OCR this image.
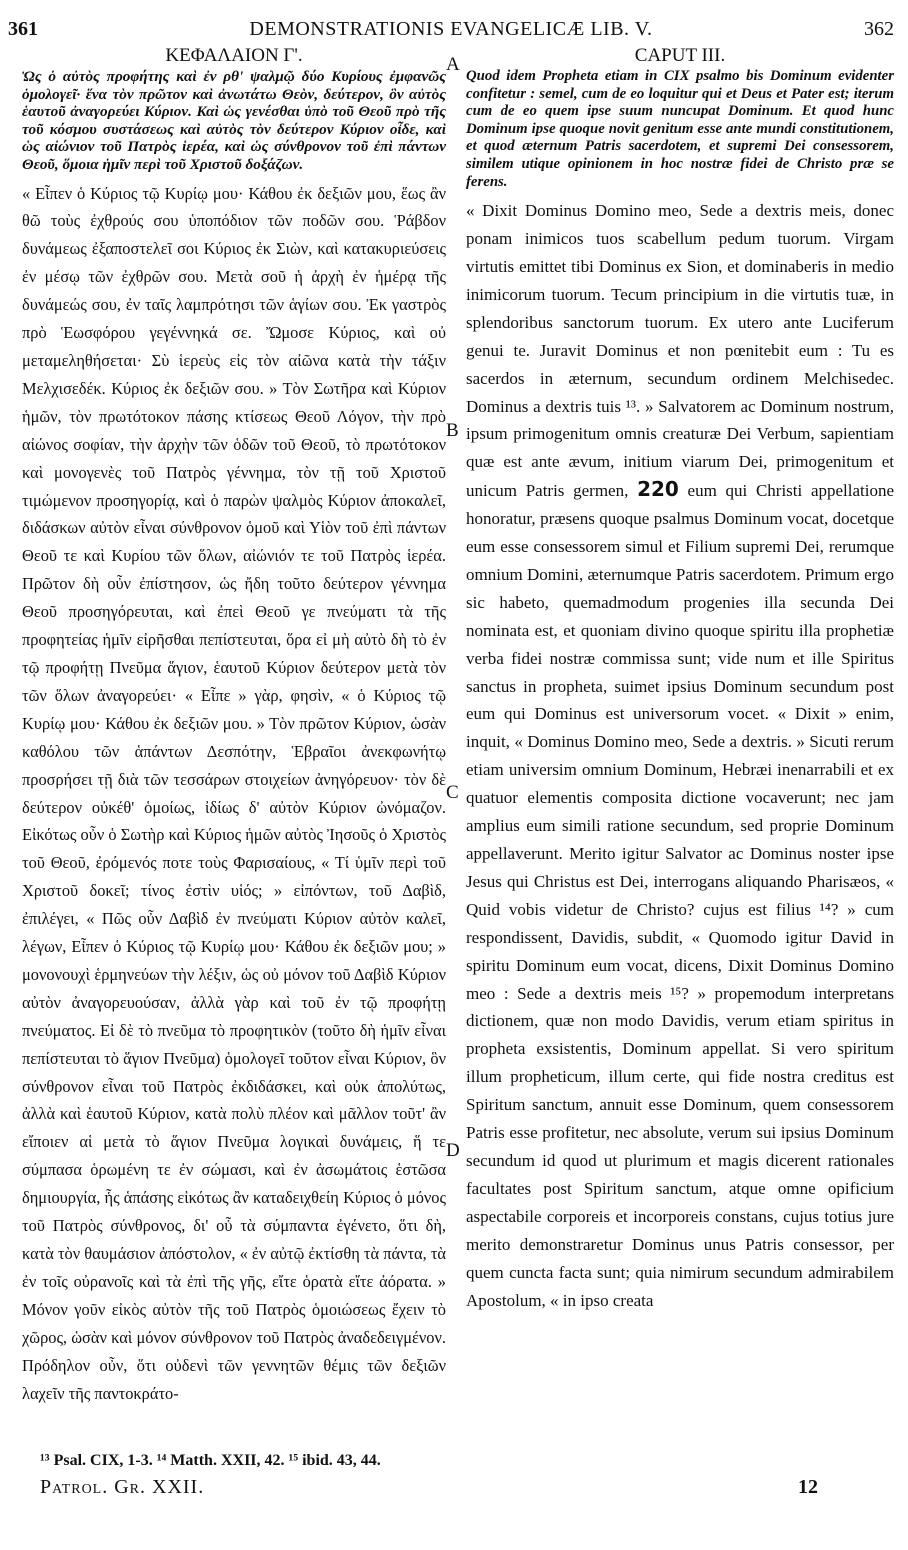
361	DEMONSTRATIONIS EVANGELICÆ LIB. V.	362
ΚΕΦΑΛΑΙΟΝ Γ'.
Ὡς ὁ αὐτὸς προφήτης καὶ ἐν ρθ' ψαλμῷ δύο Κυρίους ἐμφανῶς ὁμολογεῖ· ἕνα τὸν πρῶτον καὶ ἀνωτάτω Θεὸν, δεύτερον, ὃν αὐτὸς ἑαυτοῦ ἀναγορεύει Κύριον. Καὶ ὡς γενέσθαι ὑπὸ τοῦ Θεοῦ πρὸ τῆς τοῦ κόσμου συστάσεως καὶ αὐτὸς τὸν δεύτερον Κύριον οἶδε, καὶ ὡς αἰώνιον τοῦ Πατρὸς ἱερέα, καὶ ὡς σύνθρονον τοῦ ἐπὶ πάντων Θεοῦ, ὅμοια ἡμῖν περὶ τοῦ Χριστοῦ δοξάζων.
« Εἶπεν ὁ Κύριος τῷ Κυρίῳ μου· Κάθου ἐκ δεξιῶν μου, ἕως ἂν θῶ τοὺς ἐχθρούς σου ὑποπόδιον τῶν ποδῶν σου. Ῥάβδον δυνάμεως ἐξαποστελεῖ σοι Κύριος ἐκ Σιὼν, καὶ κατακυριεύσεις ἐν μέσῳ τῶν ἐχθρῶν σου. Μετὰ σοῦ ἡ ἀρχὴ ἐν ἡμέρᾳ τῆς δυνάμεώς σου, ἐν ταῖς λαμπρότησι τῶν ἁγίων σου. Ἐκ γαστρὸς πρὸ Ἑωσφόρου γεγέννηκά σε. Ὤμοσε Κύριος, καὶ οὐ μεταμεληθήσεται· Σὺ ἱερεὺς εἰς τὸν αἰῶνα κατὰ τὴν τάξιν Μελχισεδέκ. Κύριος ἐκ δεξιῶν σου. » Τὸν Σωτῆρα καὶ Κύριον ἡμῶν, τὸν πρωτότοκον πάσης κτίσεως Θεοῦ Λόγον, τὴν πρὸ αἰώνος σοφίαν, τὴν ἀρχὴν τῶν ὁδῶν τοῦ Θεοῦ, τὸ πρωτότοκον καὶ μονογενὲς τοῦ Πατρὸς γέννημα, τὸν τῇ τοῦ Χριστοῦ τιμώμενον προσηγορίᾳ, καὶ ὁ παρὼν ψαλμὸς Κύριον ἀποκαλεῖ, διδάσκων αὐτὸν εἶναι σύνθρονον ὁμοῦ καὶ Υἱὸν τοῦ ἐπὶ πάντων Θεοῦ τε καὶ Κυρίου τῶν ὅλων, αἰώνιόν τε τοῦ Πατρὸς ἱερέα. Πρῶτον δὴ οὖν ἐπίστησον, ὡς ἤδη τοῦτο δεύτερον γέννημα Θεοῦ προσηγόρευται, καὶ ἐπεὶ Θεοῦ γε πνεύματι τὰ τῆς προφητείας ἡμῖν εἰρῆσθαι πεπίστευται, ὅρα εἰ μὴ αὐτὸ δὴ τὸ ἐν τῷ προφήτῃ Πνεῦμα ἅγιον, ἑαυτοῦ Κύριον δεύτερον μετὰ τὸν τῶν ὅλων ἀναγορεύει· « Εἶπε » γὰρ, φησὶν, « ὁ Κύριος τῷ Κυρίῳ μου· Κάθου ἐκ δεξιῶν μου. » Τὸν πρῶτον Κύριον, ὡσὰν καθόλου τῶν ἁπάντων Δεσπότην, Ἑβραῖοι ἀνεκφωνήτῳ προσρήσει τῇ διὰ τῶν τεσσάρων στοιχείων ἀνηγόρευον· τὸν δὲ δεύτερον οὐκέθ' ὁμοίως, ἰδίως δ' αὐτὸν Κύριον ὠνόμαζον. Εἰκότως οὖν ὁ Σωτὴρ καὶ Κύριος ἡμῶν αὐτὸς Ἰησοῦς ὁ Χριστὸς τοῦ Θεοῦ, ἐρόμενός ποτε τοὺς Φαρισαίους, « Τί ὑμῖν περὶ τοῦ Χριστοῦ δοκεῖ; τίνος ἐστὶν υἱός; » εἰπόντων, τοῦ Δαβὶδ, ἐπιλέγει, « Πῶς οὖν Δαβὶδ ἐν πνεύματι Κύριον αὐτὸν καλεῖ, λέγων, Εἶπεν ὁ Κύριος τῷ Κυρίῳ μου· Κάθου ἐκ δεξιῶν μου; » μονονουχὶ ἑρμηνεύων τὴν λέξιν, ὡς οὐ μόνον τοῦ Δαβὶδ Κύριον αὐτὸν ἀναγορευούσαν, ἀλλὰ γὰρ καὶ τοῦ ἐν τῷ προφήτῃ πνεύματος. Εἰ δὲ τὸ πνεῦμα τὸ προφητικὸν (τοῦτο δὴ ἡμῖν εἶναι πεπίστευται τὸ ἅγιον Πνεῦμα) ὁμολογεῖ τοῦτον εἶναι Κύριον, ὃν σύνθρονον εἶναι τοῦ Πατρὸς ἐκδιδάσκει, καὶ οὐκ ἀπολύτως, ἀλλὰ καὶ ἑαυτοῦ Κύριον, κατὰ πολὺ πλέον καὶ μᾶλλον τοῦτ' ἂν εἴποιεν αἱ μετὰ τὸ ἅγιον Πνεῦμα λογικαὶ δυνάμεις, ἥ τε σύμπασα ὁρωμένη τε ἐν σώμασι, καὶ ἐν ἀσωμάτοις ἑστῶσα δημιουργία, ἧς ἁπάσης εἰκότως ἂν καταδειχθείη Κύριος ὁ μόνος τοῦ Πατρὸς σύνθρονος, δι' οὗ τὰ σύμπαντα ἐγένετο, ὅτι δὴ, κατὰ τὸν θαυμάσιον ἀπόστολον, « ἐν αὐτῷ ἐκτίσθη τὰ πάντα, τὰ ἐν τοῖς οὐρανοῖς καὶ τὰ ἐπὶ τῆς γῆς, εἴτε ὁρατὰ εἴτε ἀόρατα. » Μόνον γοῦν εἰκὸς αὐτὸν τῆς τοῦ Πατρὸς ὁμοιώσεως ἔχειν τὸ χῶρος, ὡσὰν καὶ μόνον σύνθρονον τοῦ Πατρὸς ἀναδεδειγμένον. Πρόδηλον οὖν, ὅτι οὐδενὶ τῶν γεννητῶν θέμις τῶν δεξιῶν λαχεῖν τῆς παντοκράτο-
A
B
C
D
CAPUT III.
Quod idem Propheta etiam in CIX psalmo bis Dominum evidenter confitetur : semel, cum de eo loquitur qui et Deus et Pater est; iterum cum de eo quem ipse suum nuncupat Dominum. Et quod hunc Dominum ipse quoque novit genitum esse ante mundi constitutionem, et quod æternum Patris sacerdotem, et supremi Dei consessorem, similem utique opinionem in hoc nostræ fidei de Christo præ se ferens.
« Dixit Dominus Domino meo, Sede a dextris meis, donec ponam inimicos tuos scabellum pedum tuorum. Virgam virtutis emittet tibi Dominus ex Sion, et dominaberis in medio inimicorum tuorum. Tecum principium in die virtutis tuæ, in splendoribus sanctorum tuorum. Ex utero ante Luciferum genui te. Juravit Dominus et non pœnitebit eum : Tu es sacerdos in æternum, secundum ordinem Melchisedec. Dominus a dextris tuis ¹³. » Salvatorem ac Dominum nostrum, ipsum primogenitum omnis creaturæ Dei Verbum, sapientiam quæ est ante ævum, initium viarum Dei, primogenitum et unicum Patris germen, 220 eum qui Christi appellatione honoratur, præsens quoque psalmus Dominum vocat, docetque eum esse consessorem simul et Filium supremi Dei, rerumque omnium Domini, æternumque Patris sacerdotem. Primum ergo sic habeto, quemadmodum progenies illa secunda Dei nominata est, et quoniam divino quoque spiritu illa prophetiæ verba fidei nostræ commissa sunt; vide num et ille Spiritus sanctus in propheta, suimet ipsius Dominum secundum post eum qui Dominus est universorum vocet. « Dixit » enim, inquit, « Dominus Domino meo, Sede a dextris. » Sicuti rerum etiam universim omnium Dominum, Hebræi inenarrabili et ex quatuor elementis composita dictione vocaverunt; nec jam amplius eum simili ratione secundum, sed proprie Dominum appellaverunt. Merito igitur Salvator ac Dominus noster ipse Jesus qui Christus est Dei, interrogans aliquando Pharisæos, « Quid vobis videtur de Christo? cujus est filius ¹⁴? » cum respondissent, Davidis, subdit, « Quomodo igitur David in spiritu Dominum eum vocat, dicens, Dixit Dominus Domino meo : Sede a dextris meis ¹⁵? » propemodum interpretans dictionem, quæ non modo Davidis, verum etiam spiritus in propheta exsistentis, Dominum appellat. Si vero spiritum illum propheticum, illum certe, qui fide nostra creditus est Spiritum sanctum, annuit esse Dominum, quem consessorem Patris esse profitetur, nec absolute, verum sui ipsius Dominum secundum id quod ut plurimum et magis dicerent rationales facultates post Spiritum sanctum, atque omne opificium aspectabile corporeis et incorporeis constans, cujus totius jure merito demonstraretur Dominus unus Patris consessor, per quem cuncta facta sunt; quia nimirum secundum admirabilem Apostolum, « in ipso creata
¹³ Psal. CIX, 1-3. ¹⁴ Matth. XXII, 42. ¹⁵ ibid. 43, 44.
Patrol. Gr. XXII.	12
